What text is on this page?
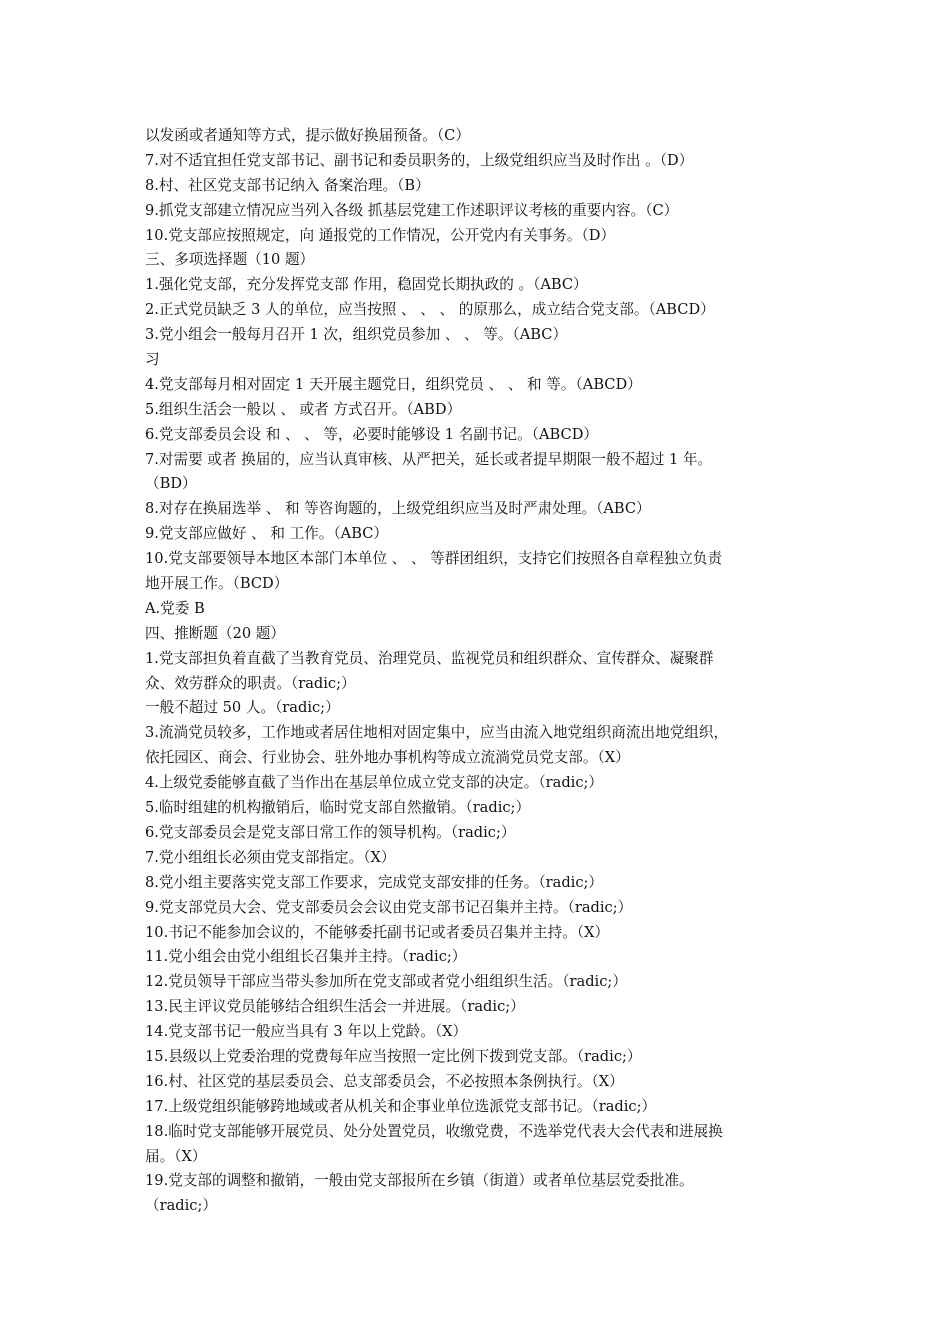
以发函或者通知等方式，提示做好换届预备。（C）
7.对不适宜担任党支部书记、副书记和委员职务的，上级党组织应当及时作出 。（D）
8.村、社区党支部书记纳入 备案治理。（B）
9.抓党支部建立情况应当列入各级 抓基层党建工作述职评议考核的重要内容。（C）
10.党支部应按照规定，向 通报党的工作情况，公开党内有关事务。（D）
三、多项选择题（10 题）
1.强化党支部，充分发挥党支部 作用，稳固党长期执政的 。（ABC）
2.正式党员缺乏 3 人的单位，应当按照 、 、 、 的原那么，成立结合党支部。（ABCD）
3.党小组会一般每月召开 1 次，组织党员参加 、 、 等。（ABC）
习
4.党支部每月相对固定 1 天开展主题党日，组织党员 、 、 和 等。（ABCD）
5.组织生活会一般以 、 或者 方式召开。（ABD）
6.党支部委员会设 和 、 、 等，必要时能够设 1 名副书记。（ABCD）
7.对需要 或者 换届的，应当认真审核、从严把关，延长或者提早期限一般不超过 1 年。
（BD）
8.对存在换届选举 、 和 等咨询题的，上级党组织应当及时严肃处理。（ABC）
9.党支部应做好 、 和 工作。（ABC）
10.党支部要领导本地区本部门本单位 、 、 等群团组织，支持它们按照各自章程独立负责
地开展工作。（BCD）
A.党委 B
四、推断题（20 题）
1.党支部担负着直截了当教育党员、治理党员、监视党员和组织群众、宣传群众、凝聚群
众、效劳群众的职责。（radic;）
一般不超过 50 人。（radic;）
3.流淌党员较多，工作地或者居住地相对固定集中，应当由流入地党组织商流出地党组织，
依托园区、商会、行业协会、驻外地办事机构等成立流淌党员党支部。（X）
4.上级党委能够直截了当作出在基层单位成立党支部的决定。（radic;）
5.临时组建的机构撤销后，临时党支部自然撤销。（radic;）
6.党支部委员会是党支部日常工作的领导机构。（radic;）
7.党小组组长必须由党支部指定。（X）
8.党小组主要落实党支部工作要求，完成党支部安排的任务。（radic;）
9.党支部党员大会、党支部委员会会议由党支部书记召集并主持。（radic;）
10.书记不能参加会议的，不能够委托副书记或者委员召集并主持。（X）
11.党小组会由党小组组长召集并主持。（radic;）
12.党员领导干部应当带头参加所在党支部或者党小组组织生活。（radic;）
13.民主评议党员能够结合组织生活会一并进展。（radic;）
14.党支部书记一般应当具有 3 年以上党龄。（X）
15.县级以上党委治理的党费每年应当按照一定比例下拨到党支部。（radic;）
16.村、社区党的基层委员会、总支部委员会，不必按照本条例执行。（X）
17.上级党组织能够跨地域或者从机关和企事业单位选派党支部书记。（radic;）
18.临时党支部能够开展党员、处分处置党员，收缴党费，不选举党代表大会代表和进展换
届。（X）
19.党支部的调整和撤销，一般由党支部报所在乡镇（街道）或者单位基层党委批准。
（radic;）
